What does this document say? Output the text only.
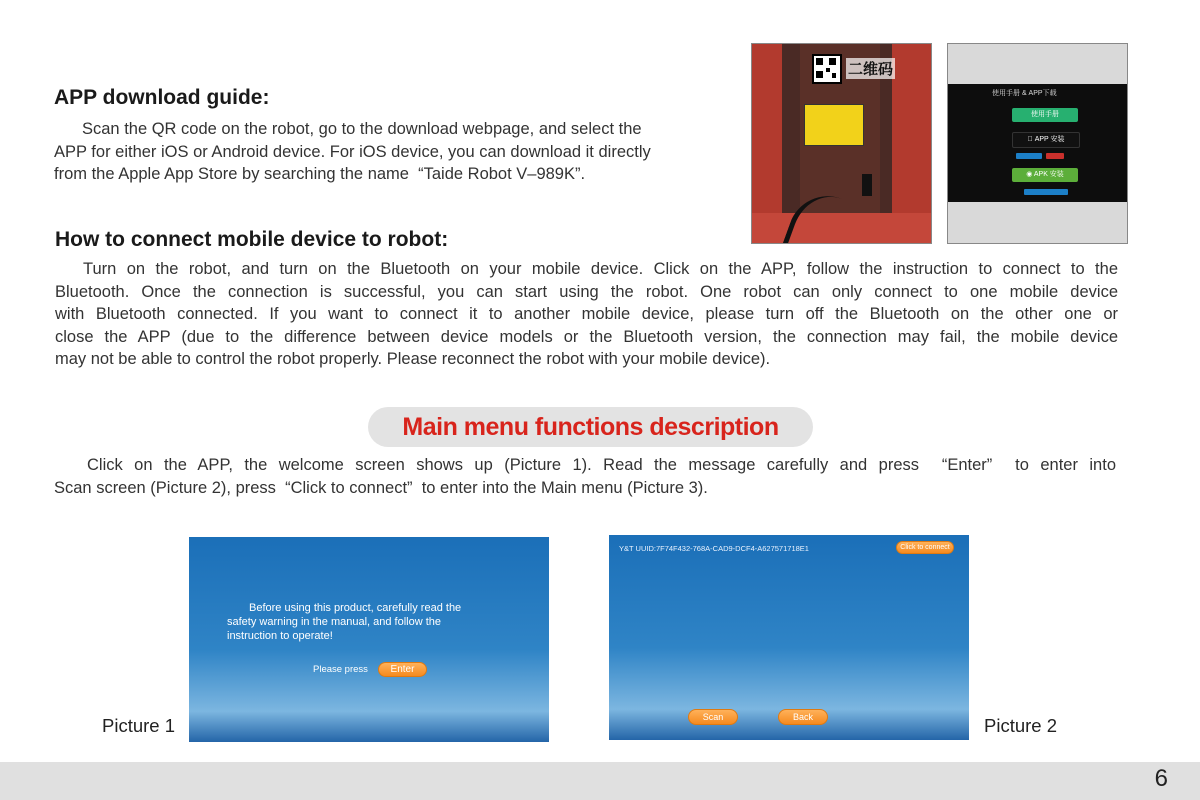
APP download guide:
Scan the QR code on the robot, go to the download webpage, and select the
APP for either iOS or Android device. For iOS device, you can download it directly
from the Apple App Store by searching the name  “Taide Robot V–989K”.
二维码
使用手册 & APP下载
使用手册
APP 安装
◉ APK 安装
How to connect mobile device to robot:
Turn on the robot, and turn on the Bluetooth on your mobile device. Click on the APP, follow the instruction to connect to the
Bluetooth. Once the connection is successful, you can start using the robot. One robot can only connect to one mobile device
with Bluetooth connected. If you want to connect it to another mobile device, please turn off the Bluetooth on the other one or
close the APP (due to the difference between device models or the Bluetooth version, the connection may fail, the mobile device
may not be able to control the robot properly. Please reconnect the robot with your mobile device).
Main menu functions description
Click on the APP, the welcome screen shows up (Picture 1). Read the message carefully and press  “Enter”  to enter into
Scan screen (Picture 2), press  “Click to connect”  to enter into the Main menu (Picture 3).
Picture 1
Before using this product, carefully read the
safety warning in the manual, and follow the
instruction to operate!
Please press	Enter
Y&T UUID:7F74F432-768A-CAD9-DCF4-A627571718E1	Click to connect
Scan	Back	Picture 2
6
